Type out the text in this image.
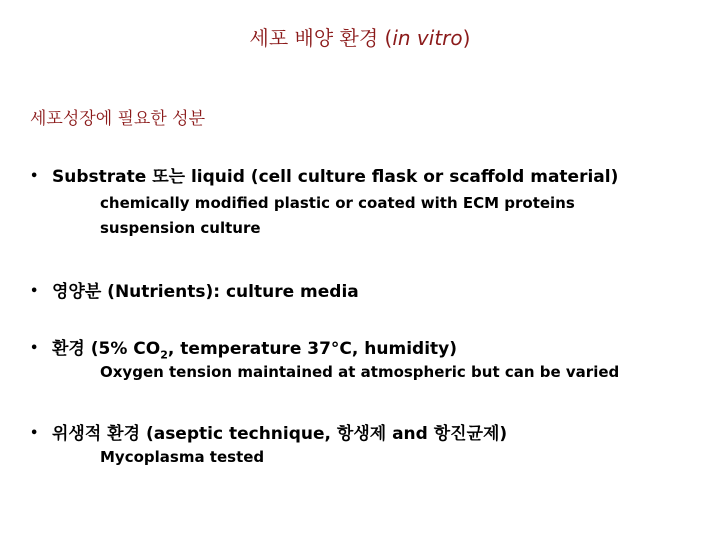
세포 배양 환경 (in vitro)
세포성장에 필요한 성분
• Substrate 또는 liquid (cell culture flask or scaffold material)
chemically modified plastic or coated with ECM proteins
suspension culture
• 영양분 (Nutrients): culture media
• 환경 (5% $CO_2$, temperature 37°C, humidity)
Oxygen tension maintained at atmospheric but can be varied
• 위생적 환경 (aseptic technique, 항생제 and 항진균제)
Mycoplasma tested
